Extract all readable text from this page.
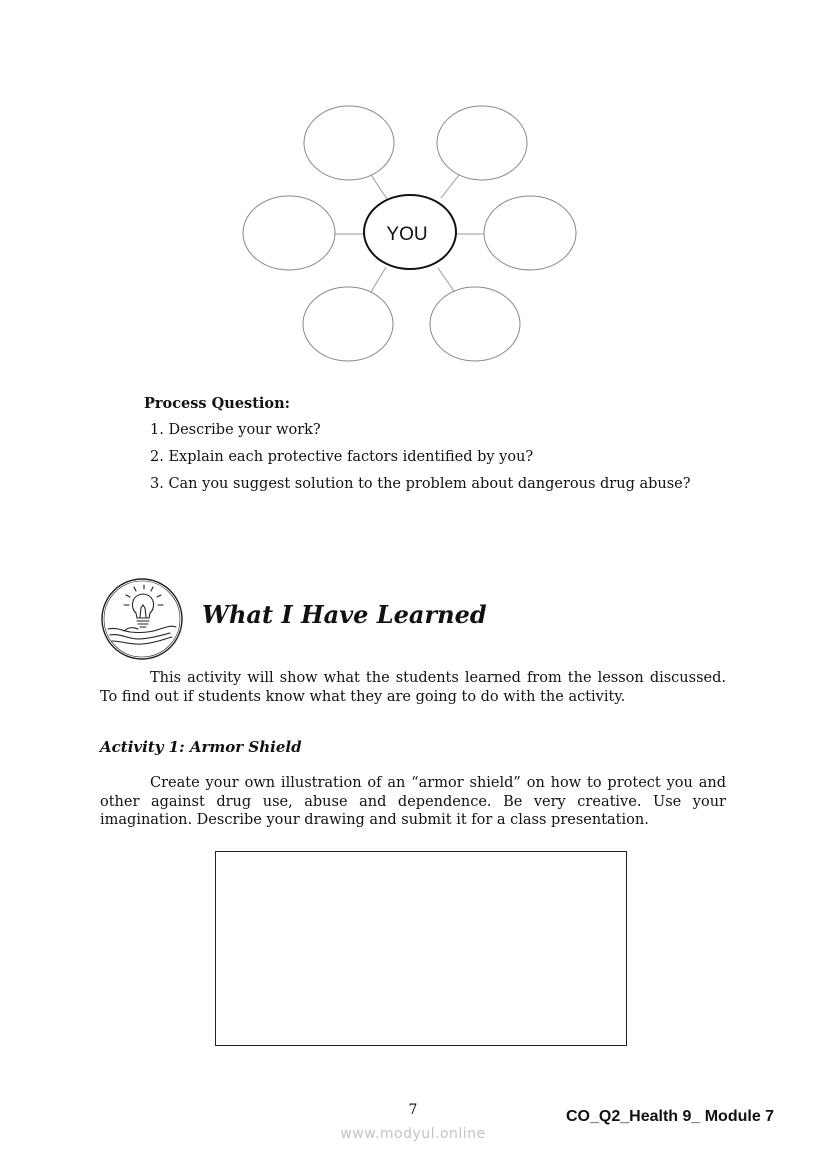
YOU
Process Question:
1. Describe your work?
2. Explain each protective factors identified by you?
3. Can you suggest solution to the problem about dangerous drug abuse?
What I Have Learned
This activity will show what the students learned from the lesson discussed. To find out if students know what they are going to do with the activity.
Activity 1: Armor Shield
Create your own illustration of an “armor shield” on how to protect you and other against drug use, abuse and dependence. Be very creative. Use your imagination. Describe your drawing and submit it for a class presentation.
7	CO_Q2_Health 9_ Module 7
www.modyul.online
